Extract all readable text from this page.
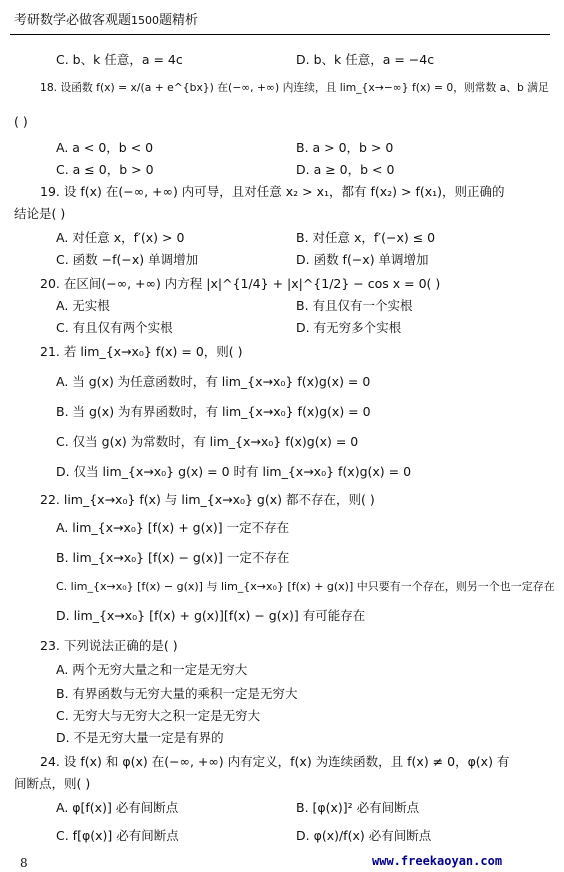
考研数学必做客观题1500题精析
C. b、k 任意，a = 4c	D. b、k 任意，a = −4c
18. 设函数 f(x) = x/(a + e^{bx}) 在(−∞, +∞) 内连续，且 lim_{x→−∞} f(x) = 0，则常数 a、b 满足
( )
A. a < 0，b < 0	B. a > 0，b > 0
C. a ≤ 0，b > 0	D. a ≥ 0，b < 0
19. 设 f(x) 在(−∞, +∞) 内可导，且对任意 x₂ > x₁，都有 f(x₂) > f(x₁)，则正确的
结论是( )
A. 对任意 x，f′(x) > 0	B. 对任意 x，f′(−x) ≤ 0
C. 函数 −f(−x) 单调增加	D. 函数 f(−x) 单调增加
20. 在区间(−∞, +∞) 内方程 |x|^{1/4} + |x|^{1/2} − cos x = 0( )
A. 无实根	B. 有且仅有一个实根
C. 有且仅有两个实根	D. 有无穷多个实根
21. 若 lim_{x→x₀} f(x) = 0，则( )
A. 当 g(x) 为任意函数时，有 lim_{x→x₀} f(x)g(x) = 0
B. 当 g(x) 为有界函数时，有 lim_{x→x₀} f(x)g(x) = 0
C. 仅当 g(x) 为常数时，有 lim_{x→x₀} f(x)g(x) = 0
D. 仅当 lim_{x→x₀} g(x) = 0 时有 lim_{x→x₀} f(x)g(x) = 0
22. lim_{x→x₀} f(x) 与 lim_{x→x₀} g(x) 都不存在，则( )
A. lim_{x→x₀} [f(x) + g(x)] 一定不存在
B. lim_{x→x₀} [f(x) − g(x)] 一定不存在
C. lim_{x→x₀} [f(x) − g(x)] 与 lim_{x→x₀} [f(x) + g(x)] 中只要有一个存在，则另一个也一定存在
D. lim_{x→x₀} [f(x) + g(x)][f(x) − g(x)] 有可能存在
23. 下列说法正确的是( )
A. 两个无穷大量之和一定是无穷大
B. 有界函数与无穷大量的乘积一定是无穷大
C. 无穷大与无穷大之积一定是无穷大
D. 不是无穷大量一定是有界的
24. 设 f(x) 和 φ(x) 在(−∞, +∞) 内有定义，f(x) 为连续函数，且 f(x) ≠ 0，φ(x) 有
间断点，则( )
A. φ[f(x)] 必有间断点	B. [φ(x)]² 必有间断点
C. f[φ(x)] 必有间断点	D. φ(x)/f(x) 必有间断点
8	www.freekaoyan.com
